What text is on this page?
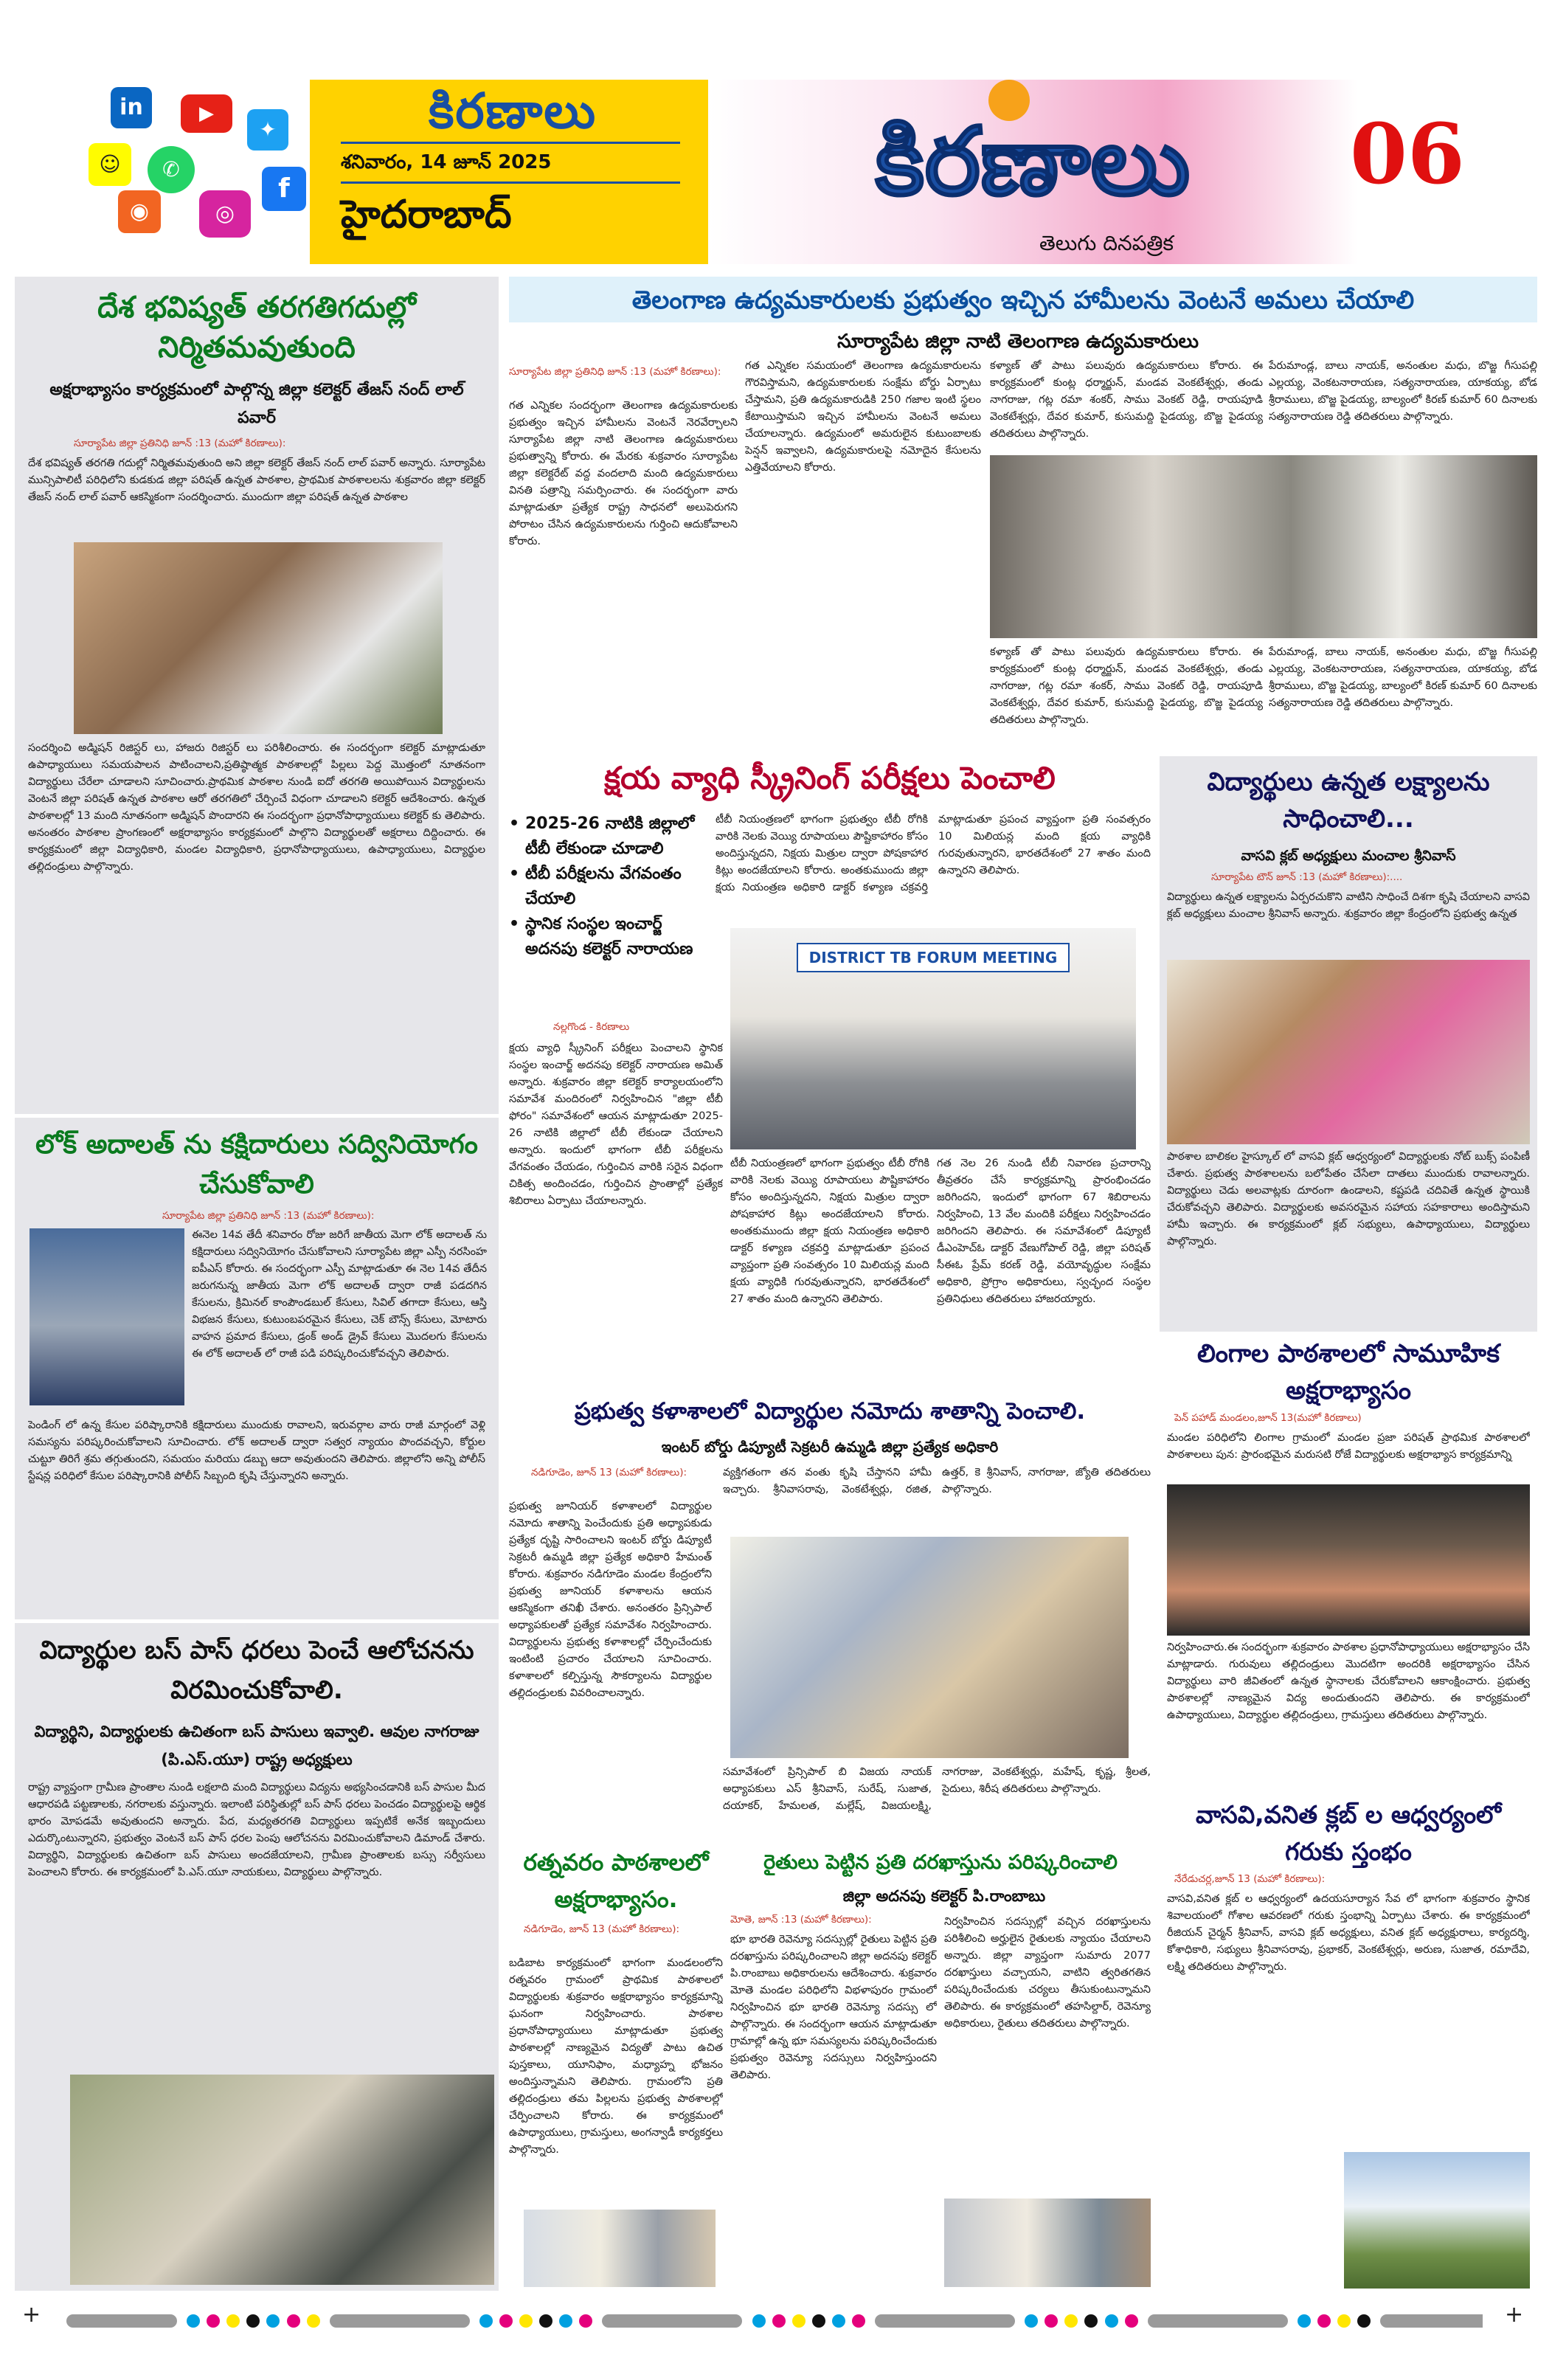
in	▶
✦
☺	✆
f
◉	◎
కిరణాలు
శనివారం, 14 జూన్ 2025
హైదరాబాద్	కిరణాలు
తెలుగు దినపత్రిక
06
దేశ భవిష్యత్ తరగతిగదుల్లో నిర్మితమవుతుంది
అక్షరాభ్యాసం కార్యక్రమంలో పాల్గొన్న జిల్లా కలెక్టర్ తేజస్ నంద్ లాల్ పవార్
సూర్యాపేట జిల్లా ప్రతినిధి జూన్ :13 (మహో కిరణాలు):
దేశ భవిష్యత్ తరగతి గదుల్లో నిర్మితమవుతుంది అని జిల్లా కలెక్టర్ తేజస్ నంద్ లాల్ పవార్ అన్నారు. సూర్యాపేట మున్సిపాలిటీ పరిధిలోని కుడకుడ జిల్లా పరిషత్ ఉన్నత పాఠశాల, ప్రాథమిక పాఠశాలలను శుక్రవారం జిల్లా కలెక్టర్ తేజస్ నంద్ లాల్ పవార్ ఆకస్మికంగా సందర్శించారు. ముందుగా జిల్లా పరిషత్ ఉన్నత పాఠశాల
సందర్శించి అడ్మిషన్ రిజిస్టర్ లు, హాజరు రిజిస్టర్ లు పరిశీలించారు. ఈ సందర్భంగా కలెక్టర్ మాట్లాడుతూ ఉపాధ్యాయులు సమయపాలన పాటించాలని,ప్రతిష్ఠాత్మక పాఠశాలల్లో పిల్లలు పెద్ద మొత్తంలో నూతనంగా విద్యార్థులు చేరేలా చూడాలని సూచించారు.ప్రాథమిక పాఠశాల నుండి ఐదో తరగతి అయిపోయిన విద్యార్థులను వెంటనే జిల్లా పరిషత్ ఉన్నత పాఠశాల ఆరో తరగతిలో చేర్పించే విధంగా చూడాలని కలెక్టర్ ఆదేశించారు. ఉన్నత పాఠశాలల్లో 13 మంది నూతనంగా అడ్మిషన్ పొందారని ఈ సందర్భంగా ప్రధానోపాధ్యాయులు కలెక్టర్ కు తెలిపారు. అనంతరం పాఠశాల ప్రాంగణంలో అక్షరాభ్యాసం కార్యక్రమంలో పాల్గొని విద్యార్థులతో అక్షరాలు దిద్దించారు. ఈ కార్యక్రమంలో జిల్లా విద్యాధికారి, మండల విద్యాధికారి, ప్రధానోపాధ్యాయులు, ఉపాధ్యాయులు, విద్యార్థుల తల్లిదండ్రులు పాల్గొన్నారు.
లోక్ అదాలత్ ను కక్షిదారులు సద్వినియోగం చేసుకోవాలి
సూర్యాపేట జిల్లా ప్రతినిధి జూన్ :13 (మహో కిరణాలు):
ఈనెల 14వ తేదీ శనివారం రోజు జరిగే జాతీయ మెగా లోక్ అదాలత్ ను కక్షిదారులు సద్వినియోగం చేసుకోవాలని సూర్యాపేట జిల్లా ఎస్పీ నరసింహ ఐపీఎస్ కోరారు. ఈ సందర్భంగా ఎస్పీ మాట్లాడుతూ ఈ నెల 14వ తేదీన జరుగనున్న జాతీయ మెగా లోక్ అదాలత్ ద్వారా రాజీ పడదగిన కేసులను, క్రిమినల్ కాంపౌండబుల్ కేసులు, సివిల్ తగాదా కేసులు, ఆస్తి విభజన కేసులు, కుటుంబపరమైన కేసులు, చెక్ బౌన్స్ కేసులు, మోటారు వాహన ప్రమాద కేసులు, డ్రంక్ అండ్ డ్రైవ్ కేసులు మొదలగు కేసులను ఈ లోక్ అదాలత్ లో రాజీ పడి పరిష్కరించుకోవచ్చని తెలిపారు.
పెండింగ్ లో ఉన్న కేసుల పరిష్కారానికి కక్షిదారులు ముందుకు రావాలని, ఇరువర్గాల వారు రాజీ మార్గంలో వెళ్లి సమస్యను పరిష్కరించుకోవాలని సూచించారు. లోక్ అదాలత్ ద్వారా సత్వర న్యాయం పొందవచ్చని, కోర్టుల చుట్టూ తిరిగే శ్రమ తగ్గుతుందని, సమయం మరియు డబ్బు ఆదా అవుతుందని తెలిపారు. జిల్లాలోని అన్ని పోలీస్ స్టేషన్ల పరిధిలో కేసుల పరిష్కారానికి పోలీస్ సిబ్బంది కృషి చేస్తున్నారని అన్నారు.
విద్యార్థుల బస్ పాస్ ధరలు పెంచే ఆలోచనను విరమించుకోవాలి.
విద్యార్థిని, విద్యార్థులకు ఉచితంగా బస్ పాసులు ఇవ్వాలి. ఆవుల నాగరాజు (పి.ఎస్.యూ) రాష్ట్ర అధ్యక్షులు
రాష్ట్ర వ్యాప్తంగా గ్రామీణ ప్రాంతాల నుండి లక్షలాది మంది విద్యార్థులు విద్యను అభ్యసించడానికి బస్ పాసుల మీద ఆధారపడి పట్టణాలకు, నగరాలకు వస్తున్నారు. ఇలాంటి పరిస్థితుల్లో బస్ పాస్ ధరలు పెంచడం విద్యార్థులపై ఆర్థిక భారం మోపడమే అవుతుందని అన్నారు. పేద, మధ్యతరగతి విద్యార్థులు ఇప్పటికే అనేక ఇబ్బందులు ఎదుర్కొంటున్నారని, ప్రభుత్వం వెంటనే బస్ పాస్ ధరల పెంపు ఆలోచనను విరమించుకోవాలని డిమాండ్ చేశారు. విద్యార్థిని, విద్యార్థులకు ఉచితంగా బస్ పాసులు అందజేయాలని, గ్రామీణ ప్రాంతాలకు బస్సు సర్వీసులు పెంచాలని కోరారు. ఈ కార్యక్రమంలో పి.ఎస్.యూ నాయకులు, విద్యార్థులు పాల్గొన్నారు.
తెలంగాణ ఉద్యమకారులకు ప్రభుత్వం ఇచ్చిన హామీలను వెంటనే అమలు చేయాలి
సూర్యాపేట జిల్లా నాటి తెలంగాణ ఉద్యమకారులు
సూర్యాపేట జిల్లా ప్రతినిధి జూన్ :13 (మహో కిరణాలు):
గత ఎన్నికల సందర్భంగా తెలంగాణ ఉద్యమకారులకు ప్రభుత్వం ఇచ్చిన హామీలను వెంటనే నెరవేర్చాలని సూర్యాపేట జిల్లా నాటి తెలంగాణ ఉద్యమకారులు ప్రభుత్వాన్ని కోరారు. ఈ మేరకు శుక్రవారం సూర్యాపేట జిల్లా కలెక్టరేట్ వద్ద వందలాది మంది ఉద్యమకారులు వినతి పత్రాన్ని సమర్పించారు. ఈ సందర్భంగా వారు మాట్లాడుతూ ప్రత్యేక రాష్ట్ర సాధనలో అలుపెరుగని పోరాటం చేసిన ఉద్యమకారులను గుర్తించి ఆదుకోవాలని కోరారు.
గత ఎన్నికల సమయంలో తెలంగాణ ఉద్యమకారులను గౌరవిస్తామని, ఉద్యమకారులకు సంక్షేమ బోర్డు ఏర్పాటు చేస్తామని, ప్రతి ఉద్యమకారుడికి 250 గజాల ఇంటి స్థలం కేటాయిస్తామని ఇచ్చిన హామీలను వెంటనే అమలు చేయాలన్నారు. ఉద్యమంలో అమరులైన కుటుంబాలకు పెన్షన్ ఇవ్వాలని, ఉద్యమకారులపై నమోదైన కేసులను ఎత్తివేయాలని కోరారు.
కళ్యాణ్ తో పాటు పలువురు ఉద్యమకారులు కోరారు. ఈ కార్యక్రమంలో కుంట్ల ధర్మార్జున్, మండవ వెంకటేశ్వర్లు, తండు నాగరాజు, గట్ల రమా శంకర్, సాము వెంకట్ రెడ్డి, రాయపూడి వెంకటేశ్వర్లు, దేవర కుమార్, కుసుమద్ది పైడయ్య, బొజ్జ పైడయ్య తదితరులు పాల్గొన్నారు.
పేరుమాండ్ల, బాలు నాయక్, అనంతుల మధు, బొజ్జ గీసుపల్లి ఎల్లయ్య, వెంకటనారాయణ, సత్యనారాయణ, యాకయ్య, బోడ శ్రీరాములు, బొజ్జ పైడయ్య, బాల్యంలో కిరణ్ కుమార్ 60 దినాలకు సత్యనారాయణ రెడ్డి తదితరులు పాల్గొన్నారు.
కళ్యాణ్ తో పాటు పలువురు ఉద్యమకారులు కోరారు. ఈ కార్యక్రమంలో కుంట్ల ధర్మార్జున్, మండవ వెంకటేశ్వర్లు, తండు నాగరాజు, గట్ల రమా శంకర్, సాము వెంకట్ రెడ్డి, రాయపూడి వెంకటేశ్వర్లు, దేవర కుమార్, కుసుమద్ది పైడయ్య, బొజ్జ పైడయ్య తదితరులు పాల్గొన్నారు.
పేరుమాండ్ల, బాలు నాయక్, అనంతుల మధు, బొజ్జ గీసుపల్లి ఎల్లయ్య, వెంకటనారాయణ, సత్యనారాయణ, యాకయ్య, బోడ శ్రీరాములు, బొజ్జ పైడయ్య, బాల్యంలో కిరణ్ కుమార్ 60 దినాలకు సత్యనారాయణ రెడ్డి తదితరులు పాల్గొన్నారు.
క్షయ వ్యాధి స్క్రీనింగ్ పరీక్షలు పెంచాలి
• 2025-26 నాటికి జిల్లాలో టీబీ లేకుండా చూడాలి
• టీబీ పరీక్షలను వేగవంతం చేయాలి
• స్థానిక సంస్థల ఇంచార్జ్ అదనపు కలెక్టర్ నారాయణ
టీబీ నియంత్రణలో భాగంగా ప్రభుత్వం టీబీ రోగికి వారికి నెలకు వెయ్యి రూపాయలు పౌష్టికాహారం కోసం అందిస్తున్నదని, నిక్షయ మిత్రుల ద్వారా పోషకాహార కిట్లు అందజేయాలని కోరారు. అంతకుముందు జిల్లా క్షయ నియంత్రణ అధికారి డాక్టర్ కళ్యాణ చక్రవర్తి మాట్లాడుతూ ప్రపంచ వ్యాప్తంగా ప్రతి సంవత్సరం 10 మిలియన్ల మంది క్షయ వ్యాధికి గురవుతున్నారని, భారతదేశంలో 27 శాతం మంది ఉన్నారని తెలిపారు.
DISTRICT TB FORUM MEETING
నల్లగొండ - కిరణాలు
క్షయ వ్యాధి స్క్రీనింగ్ పరీక్షలు పెంచాలని స్థానిక సంస్థల ఇంచార్జ్ అదనపు కలెక్టర్ నారాయణ అమిత్ అన్నారు. శుక్రవారం జిల్లా కలెక్టర్ కార్యాలయంలోని సమావేశ మందిరంలో నిర్వహించిన "జిల్లా టీబీ ఫోరం" సమావేశంలో ఆయన మాట్లాడుతూ 2025-26 నాటికి జిల్లాలో టీబీ లేకుండా చేయాలని అన్నారు. ఇందులో భాగంగా టీబీ పరీక్షలను వేగవంతం చేయడం, గుర్తించిన వారికి సరైన విధంగా చికిత్స అందించడం, గుర్తించిన ప్రాంతాల్లో ప్రత్యేక శిబిరాలు ఏర్పాటు చేయాలన్నారు.
టీబీ నియంత్రణలో భాగంగా ప్రభుత్వం టీబీ రోగికి వారికి నెలకు వెయ్యి రూపాయలు పౌష్టికాహారం కోసం అందిస్తున్నదని, నిక్షయ మిత్రుల ద్వారా పోషకాహార కిట్లు అందజేయాలని కోరారు. అంతకుముందు జిల్లా క్షయ నియంత్రణ అధికారి డాక్టర్ కళ్యాణ చక్రవర్తి మాట్లాడుతూ ప్రపంచ వ్యాప్తంగా ప్రతి సంవత్సరం 10 మిలియన్ల మంది క్షయ వ్యాధికి గురవుతున్నారని, భారతదేశంలో 27 శాతం మంది ఉన్నారని తెలిపారు.
గత నెల 26 నుండి టీబీ నివారణ ప్రచారాన్ని తీవ్రతరం చేసే కార్యక్రమాన్ని ప్రారంభించడం జరిగిందని, ఇందులో భాగంగా 67 శిబిరాలను నిర్వహించి, 13 వేల మందికి పరీక్షలు నిర్వహించడం జరిగిందని తెలిపారు. ఈ సమావేశంలో డిప్యూటీ డీఎంహెచ్ఓ డాక్టర్ వేణుగోపాల్ రెడ్డి, జిల్లా పరిషత్ సీఈఓ ప్రేమ్ కరణ్ రెడ్డి, వయోవృద్ధుల సంక్షేమ అధికారి, ప్రోగ్రాం అధికారులు, స్వచ్ఛంద సంస్థల ప్రతినిధులు తదితరులు హాజరయ్యారు.
విద్యార్థులు ఉన్నత లక్ష్యాలను సాధించాలి...
వాసవి క్లబ్ అధ్యక్షులు మంచాల శ్రీనివాస్
సూర్యాపేట టౌన్ జూన్ :13 (మహో కిరణాలు):....
విద్యార్థులు ఉన్నత లక్ష్యాలను ఏర్పరచుకొని వాటిని సాధించే దిశగా కృషి చేయాలని వాసవి క్లబ్ అధ్యక్షులు మంచాల శ్రీనివాస్ అన్నారు. శుక్రవారం జిల్లా కేంద్రంలోని ప్రభుత్వ ఉన్నత
పాఠశాల బాలికల హైస్కూల్ లో వాసవి క్లబ్ ఆధ్వర్యంలో విద్యార్థులకు నోట్ బుక్స్ పంపిణీ చేశారు. ప్రభుత్వ పాఠశాలలను బలోపేతం చేసేలా దాతలు ముందుకు రావాలన్నారు. విద్యార్థులు చెడు అలవాట్లకు దూరంగా ఉండాలని, కష్టపడి చదివితే ఉన్నత స్థాయికి చేరుకోవచ్చని తెలిపారు. విద్యార్థులకు అవసరమైన సహాయ సహకారాలు అందిస్తామని హామీ ఇచ్చారు. ఈ కార్యక్రమంలో క్లబ్ సభ్యులు, ఉపాధ్యాయులు, విద్యార్థులు పాల్గొన్నారు.
లింగాల పాఠశాలలో సామూహిక అక్షరాభ్యాసం
పెన్ పహాడ్ మండలం,జూన్ 13(మహో కిరణాలు)
మండల పరిధిలోని లింగాల గ్రామంలో మండల ప్రజా పరిషత్ ప్రాథమిక పాఠశాలలో పాఠశాలలు పున: ప్రారంభమైన మరుసటి రోజే విద్యార్థులకు అక్షరాభ్యాస కార్యక్రమాన్ని
నిర్వహించారు.ఈ సందర్భంగా శుక్రవారం పాఠశాల ప్రధానోపాధ్యాయులు అక్షరాభ్యాసం చేసి మాట్లాడారు. గురువులు తల్లిదండ్రులు మొదటిగా అందరికి అక్షరాభ్యాసం చేసిన విద్యార్థులు వారి జీవితంలో ఉన్నత స్థానాలకు చేరుకోవాలని ఆకాంక్షించారు. ప్రభుత్వ పాఠశాలల్లో నాణ్యమైన విద్య అందుతుందని తెలిపారు. ఈ కార్యక్రమంలో ఉపాధ్యాయులు, విద్యార్థుల తల్లిదండ్రులు, గ్రామస్తులు తదితరులు పాల్గొన్నారు.
వాసవి,వనిత క్లబ్ ల ఆధ్వర్యంలో గరుకు స్తంభం
నేరేడుచర్ల,జూన్ 13 (మహో కిరణాలు):
వాసవి,వనిత క్లబ్ ల ఆధ్వర్యంలో ఉదయసూర్యాన సేవ లో భాగంగా శుక్రవారం స్థానిక శివాలయంలో గోశాల ఆవరణలో గరుకు స్తంభాన్ని ఏర్పాటు చేశారు. ఈ కార్యక్రమంలో రీజియన్ చైర్మన్ శ్రీనివాస్, వాసవి క్లబ్ అధ్యక్షులు, వనిత క్లబ్ అధ్యక్షురాలు, కార్యదర్శి, కోశాధికారి, సభ్యులు శ్రీనివాసరావు, ప్రభాకర్, వెంకటేశ్వర్లు, అరుణ, సుజాత, రమాదేవి, లక్ష్మి తదితరులు పాల్గొన్నారు.
ప్రభుత్వ కళాశాలలో విద్యార్థుల నమోదు శాతాన్ని పెంచాలి.
ఇంటర్ బోర్డు డిప్యూటీ సెక్రటరీ ఉమ్మడి జిల్లా ప్రత్యేక అధికారి
నడిగూడెం, జూన్ 13 (మహో కిరణాలు):
ప్రభుత్వ జూనియర్ కళాశాలలో విద్యార్థుల నమోదు శాతాన్ని పెంచేందుకు ప్రతి అధ్యాపకుడు ప్రత్యేక దృష్టి సారించాలని ఇంటర్ బోర్డు డిప్యూటీ సెక్రటరీ ఉమ్మడి జిల్లా ప్రత్యేక అధికారి హేమంత్ కోరారు. శుక్రవారం నడిగూడెం మండల కేంద్రంలోని ప్రభుత్వ జూనియర్ కళాశాలను ఆయన ఆకస్మికంగా తనిఖీ చేశారు. అనంతరం ప్రిన్సిపాల్ అధ్యాపకులతో ప్రత్యేక సమావేశం నిర్వహించారు. విద్యార్థులను ప్రభుత్వ కళాశాలల్లో చేర్పించేందుకు ఇంటింటి ప్రచారం చేయాలని సూచించారు. కళాశాలలో కల్పిస్తున్న సౌకర్యాలను విద్యార్థుల తల్లిదండ్రులకు వివరించాలన్నారు.
వ్యక్తిగతంగా తన వంతు కృషి చేస్తానని హామీ ఇచ్చారు. శ్రీనివాసరావు, వెంకటేశ్వర్లు, రజిత, ఉత్తర్, కె శ్రీనివాస్, నాగరాజు, జ్యోతి తదితరులు పాల్గొన్నారు.
సమావేశంలో ప్రిన్సిపాల్ బి విజయ నాయక్ అధ్యాపకులు ఎస్ శ్రీనివాస్, సురేష్, సుజాత, దయాకర్, హేమలత, మల్లేష్, విజయలక్ష్మి, నాగరాజు, వెంకటేశ్వర్లు, మహేష్, కృష్ణ, శ్రీలత, సైదులు, శిరీష తదితరులు పాల్గొన్నారు.
రత్నవరం పాఠశాలలో అక్షరాభ్యాసం.
నడిగూడెం, జూన్ 13 (మహో కిరణాలు):
బడిబాట కార్యక్రమంలో భాగంగా మండలంలోని రత్నవరం గ్రామంలో ప్రాథమిక పాఠశాలలో విద్యార్థులకు శుక్రవారం అక్షరాభ్యాసం కార్యక్రమాన్ని ఘనంగా నిర్వహించారు. పాఠశాల ప్రధానోపాధ్యాయులు మాట్లాడుతూ ప్రభుత్వ పాఠశాలల్లో నాణ్యమైన విద్యతో పాటు ఉచిత పుస్తకాలు, యూనిఫాం, మధ్యాహ్న భోజనం అందిస్తున్నామని తెలిపారు. గ్రామంలోని ప్రతి తల్లిదండ్రులు తమ పిల్లలను ప్రభుత్వ పాఠశాలల్లో చేర్పించాలని కోరారు. ఈ కార్యక్రమంలో ఉపాధ్యాయులు, గ్రామస్తులు, అంగన్వాడీ కార్యకర్తలు పాల్గొన్నారు.
రైతులు పెట్టిన ప్రతి దరఖాస్తును పరిష్కరించాలి
జిల్లా అదనపు కలెక్టర్ పి.రాంబాబు
మోతె, జూన్ :13 (మహో కిరణాలు):
భూ భారతి రెవెన్యూ సదస్సుల్లో రైతులు పెట్టిన ప్రతి దరఖాస్తును పరిష్కరించాలని జిల్లా అదనపు కలెక్టర్ పి.రాంబాబు అధికారులను ఆదేశించారు. శుక్రవారం మోతె మండల పరిధిలోని విభళాపురం గ్రామంలో నిర్వహించిన భూ భారతి రెవెన్యూ సదస్సు లో పాల్గొన్నారు. ఈ సందర్భంగా ఆయన మాట్లాడుతూ గ్రామాల్లో ఉన్న భూ సమస్యలను పరిష్కరించేందుకు ప్రభుత్వం రెవెన్యూ సదస్సులు నిర్వహిస్తుందని తెలిపారు.
నిర్వహించిన సదస్సుల్లో వచ్చిన దరఖాస్తులను పరిశీలించి అర్హులైన రైతులకు న్యాయం చేయాలని అన్నారు. జిల్లా వ్యాప్తంగా సుమారు 2077 దరఖాస్తులు వచ్చాయని, వాటిని త్వరితగతిన పరిష్కరించేందుకు చర్యలు తీసుకుంటున్నామని తెలిపారు. ఈ కార్యక్రమంలో తహసిల్దార్, రెవెన్యూ అధికారులు, రైతులు తదితరులు పాల్గొన్నారు.
+
	+
